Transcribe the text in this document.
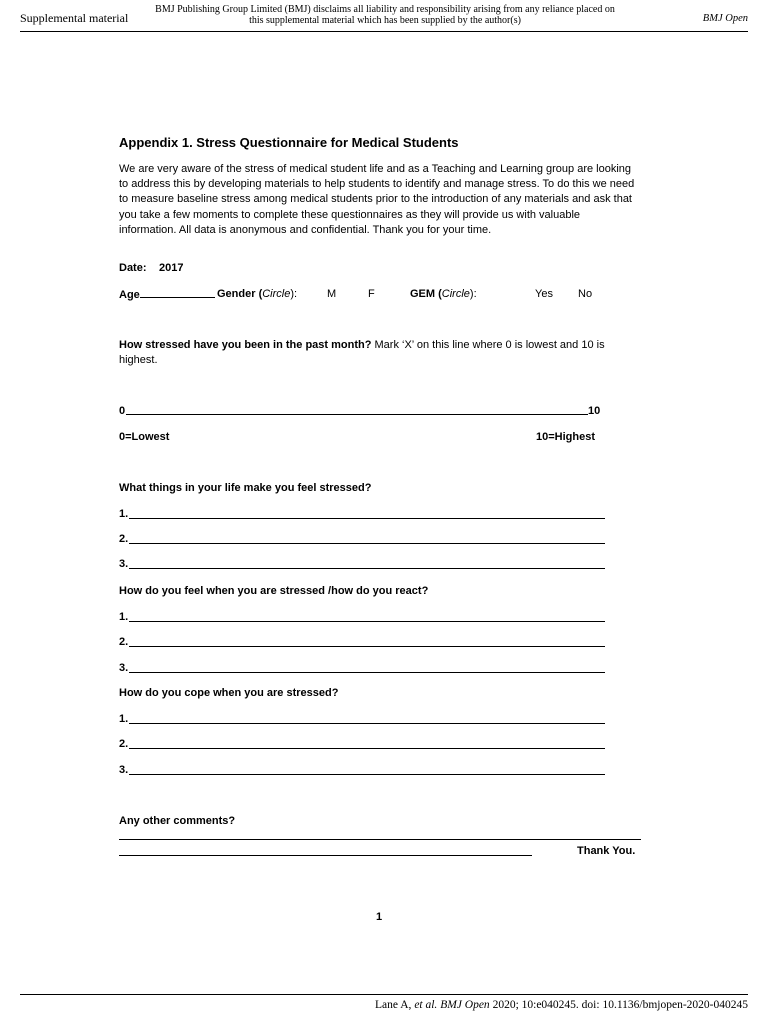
Supplemental material
BMJ Publishing Group Limited (BMJ) disclaims all liability and responsibility arising from any reliance placed on this supplemental material which has been supplied by the author(s)	BMJ Open
Appendix 1. Stress Questionnaire for Medical Students
We are very aware of the stress of medical student life and as a Teaching and Learning group are looking to address this by developing materials to help students to identify and manage stress. To do this we need to measure baseline stress among medical students prior to the introduction of any materials and ask that you take a few moments to complete these questionnaires as they will provide us with valuable information. All data is anonymous and confidential. Thank you for your time.
Date: 2017
Age	Gender (Circle):	M	F	GEM (Circle):	Yes No
How stressed have you been in the past month? Mark ‘X’ on this line where 0 is lowest and 10 is
highest.
0	10
0=Lowest	10=Highest
What things in your life make you feel stressed?
1.
2.
3.
How do you feel when you are stressed /how do you react?
1.
2.
3.
How do you cope when you are stressed?
1.
2.
3.
Any other comments?
Thank You.
1
Lane A, et al. BMJ Open 2020; 10:e040245. doi: 10.1136/bmjopen-2020-040245
